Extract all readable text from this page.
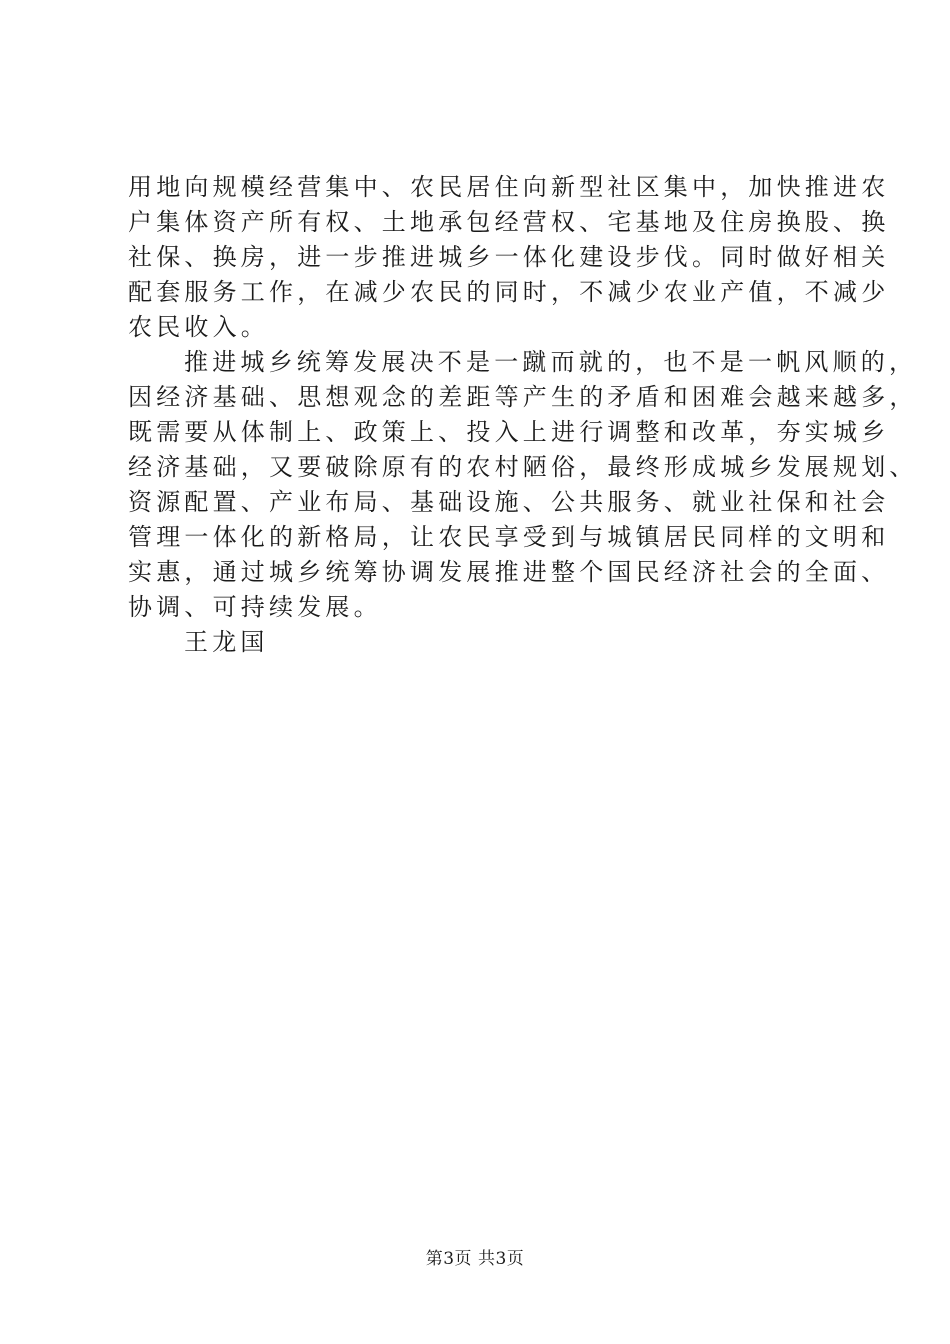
用地向规模经营集中、农民居住向新型社区集中，加快推进农
户集体资产所有权、土地承包经营权、宅基地及住房换股、换
社保、换房，进一步推进城乡一体化建设步伐。同时做好相关
配套服务工作，在减少农民的同时，不减少农业产值，不减少
农民收入。
推进城乡统筹发展决不是一蹴而就的，也不是一帆风顺的，
因经济基础、思想观念的差距等产生的矛盾和困难会越来越多，
既需要从体制上、政策上、投入上进行调整和改革，夯实城乡
经济基础，又要破除原有的农村陋俗，最终形成城乡发展规划、
资源配置、产业布局、基础设施、公共服务、就业社保和社会
管理一体化的新格局，让农民享受到与城镇居民同样的文明和
实惠，通过城乡统筹协调发展推进整个国民经济社会的全面、
协调、可持续发展。
王龙国
第3页 共3页
